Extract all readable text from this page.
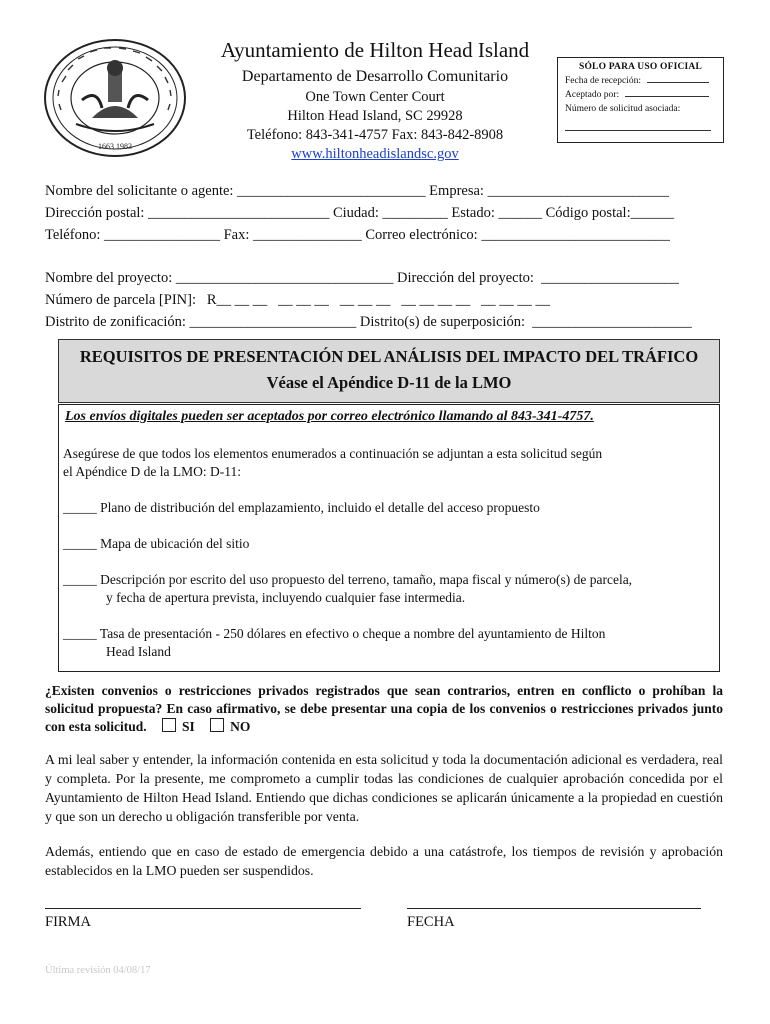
1663 1983
Ayuntamiento de Hilton Head Island
Departamento de Desarrollo Comunitario
One Town Center Court
Hilton Head Island, SC 29928
Teléfono: 843-341-4757 Fax: 843-842-8908
www.hiltonheadislandsc.gov
SÓLO PARA USO OFICIAL
Fecha de recepción:
Aceptado por:
Número de solicitud asociada:
Nombre del solicitante o agente: __________________________ Empresa: _________________________
Dirección postal: _________________________ Ciudad: _________ Estado: ______ Código postal:______
Teléfono: ________________ Fax: _______________ Correo electrónico: __________________________
Nombre del proyecto: ______________________________ Dirección del proyecto:  ___________________
Número de parcela [PIN]:   R__ __ __   __ __ __   __ __ __   __ __ __ __   __ __ __ __
Distrito de zonificación: _______________________ Distrito(s) de superposición:  ______________________
REQUISITOS DE PRESENTACIÓN DEL ANÁLISIS DEL IMPACTO DEL TRÁFICO
Véase el Apéndice D-11 de la LMO
Los envíos digitales pueden ser aceptados por correo electrónico llamando al 843-341-4757.
Asegúrese de que todos los elementos enumerados a continuación se adjuntan a esta solicitud según
el Apéndice D de la LMO: D-11:
_____ Plano de distribución del emplazamiento, incluido el detalle del acceso propuesto
_____ Mapa de ubicación del sitio
_____ Descripción por escrito del uso propuesto del terreno, tamaño, mapa fiscal y número(s) de parcela,
y fecha de apertura prevista, incluyendo cualquier fase intermedia.
_____ Tasa de presentación - 250 dólares en efectivo o cheque a nombre del ayuntamiento de Hilton
Head Island
¿Existen convenios o restricciones privados registrados que sean contrarios, entren en conflicto o prohíban la solicitud propuesta? En caso afirmativo, se debe presentar una copia de los convenios o restricciones privados junto con esta solicitud.	SI	NO
A mi leal saber y entender, la información contenida en esta solicitud y toda la documentación adicional es verdadera, real y completa. Por la presente, me comprometo a cumplir todas las condiciones de cualquier aprobación concedida por el Ayuntamiento de Hilton Head Island. Entiendo que dichas condiciones se aplicarán únicamente a la propiedad en cuestión y que son un derecho u obligación transferible por venta.
Además, entiendo que en caso de estado de emergencia debido a una catástrofe, los tiempos de revisión y aprobación establecidos en la LMO pueden ser suspendidos.
FIRMA	FECHA
Última revisión 04/08/17
